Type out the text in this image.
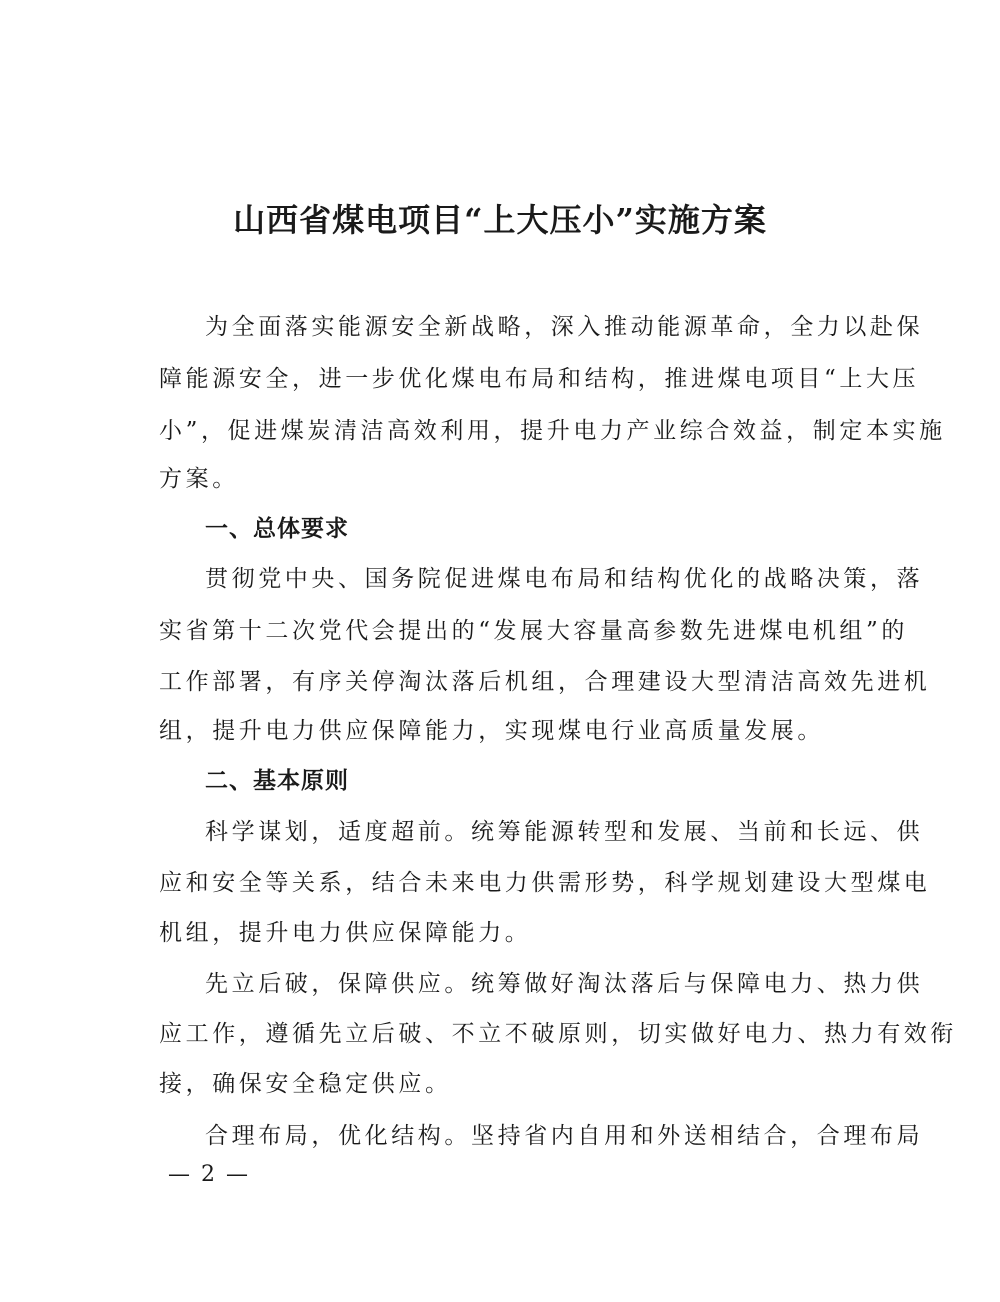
山西省煤电项目“上大压小”实施方案
为全面落实能源安全新战略，深入推动能源革命，全力以赴保
障能源安全，进一步优化煤电布局和结构，推进煤电项目“上大压
小”，促进煤炭清洁高效利用，提升电力产业综合效益，制定本实施
方案。
一、总体要求
贯彻党中央、国务院促进煤电布局和结构优化的战略决策，落
实省第十二次党代会提出的“发展大容量高参数先进煤电机组”的
工作部署，有序关停淘汰落后机组，合理建设大型清洁高效先进机
组，提升电力供应保障能力，实现煤电行业高质量发展。
二、基本原则
科学谋划，适度超前。统筹能源转型和发展、当前和长远、供
应和安全等关系，结合未来电力供需形势，科学规划建设大型煤电
机组，提升电力供应保障能力。
先立后破，保障供应。统筹做好淘汰落后与保障电力、热力供
应工作，遵循先立后破、不立不破原则，切实做好电力、热力有效衔
接，确保安全稳定供应。
合理布局，优化结构。坚持省内自用和外送相结合，合理布局
— 2 —
